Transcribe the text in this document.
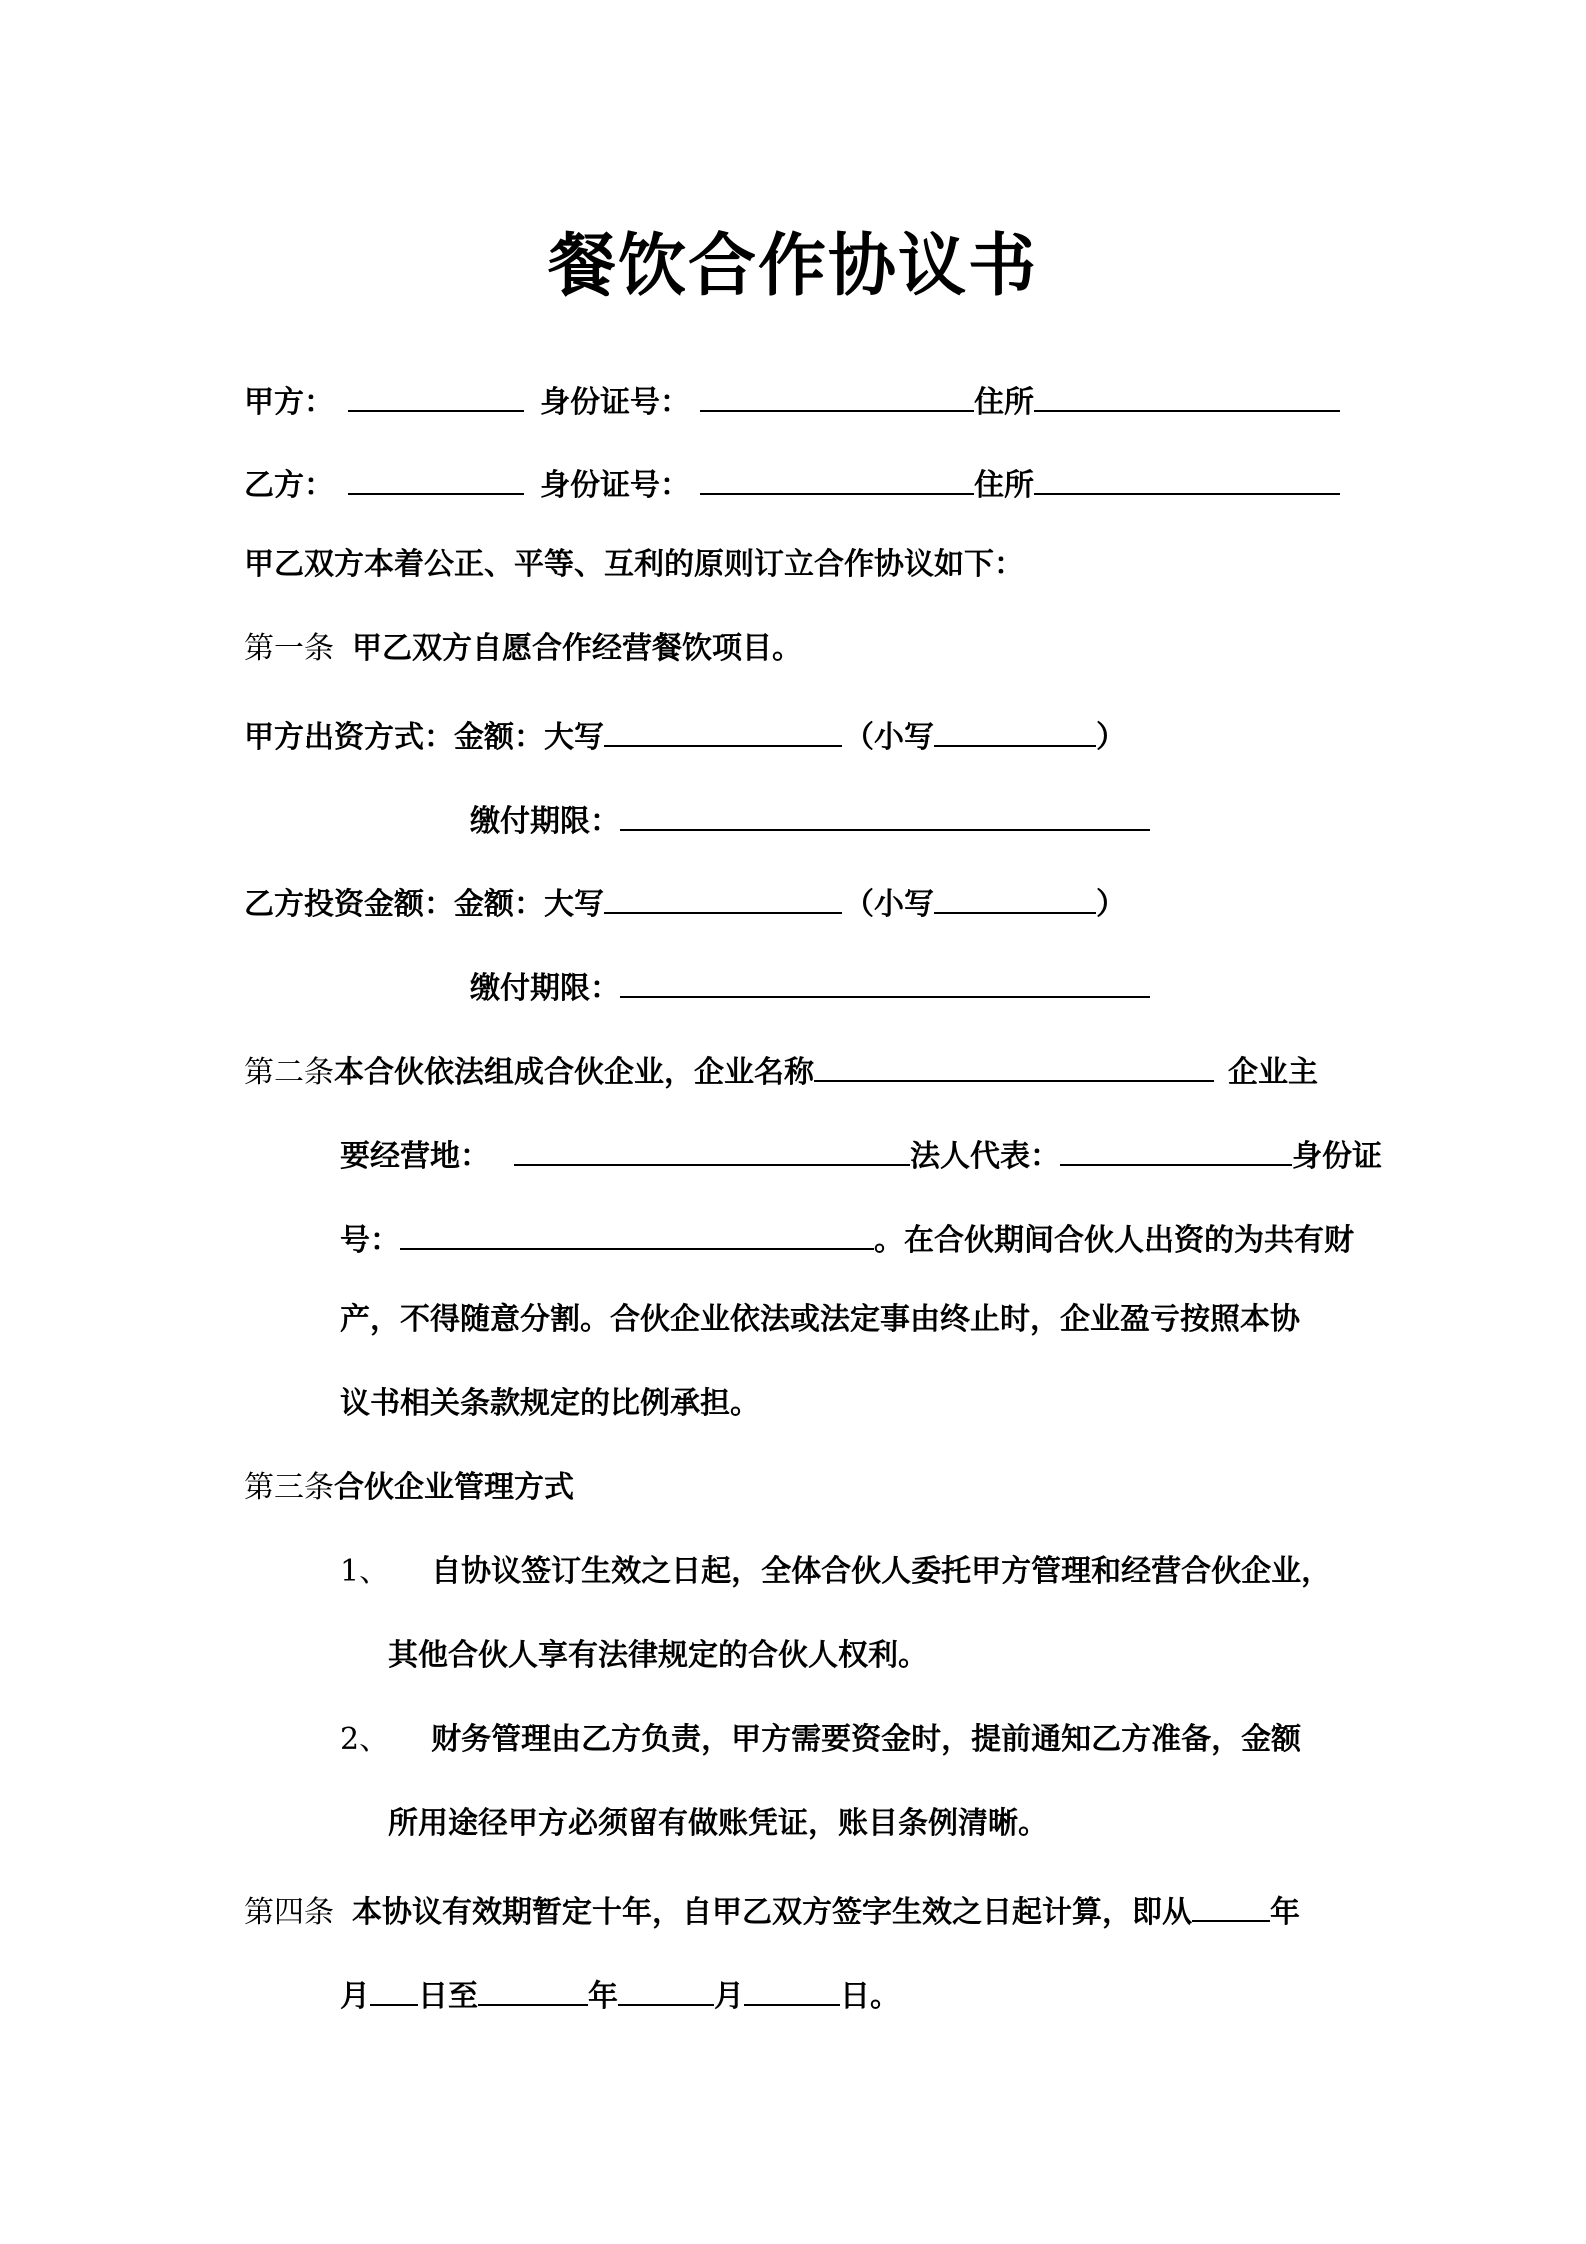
餐饮合作协议书
甲方：	身份证号：	住所
乙方：	身份证号：	住所
甲乙双方本着公正、平等、互利的原则订立合作协议如下：
第一条 甲乙双方自愿合作经营餐饮项目。
甲方出资方式：金额：大写	（小写	）
缴付期限：
乙方投资金额：金额：大写	（小写	）
缴付期限：
第二条本合伙依法组成合伙企业，企业名称	企业主
要经营地：	法人代表：	身份证
号：	。在合伙期间合伙人出资的为共有财
产，不得随意分割。合伙企业依法或法定事由终止时，企业盈亏按照本协
议书相关条款规定的比例承担。
第三条合伙企业管理方式
1、 自协议签订生效之日起，全体合伙人委托甲方管理和经营合伙企业，
其他合伙人享有法律规定的合伙人权利。
2、 财务管理由乙方负责，甲方需要资金时，提前通知乙方准备，金额
所用途径甲方必须留有做账凭证，账目条例清晰。
第四条 本协议有效期暂定十年，自甲乙双方签字生效之日起计算，即从	年
月 日至	年	月	日。
